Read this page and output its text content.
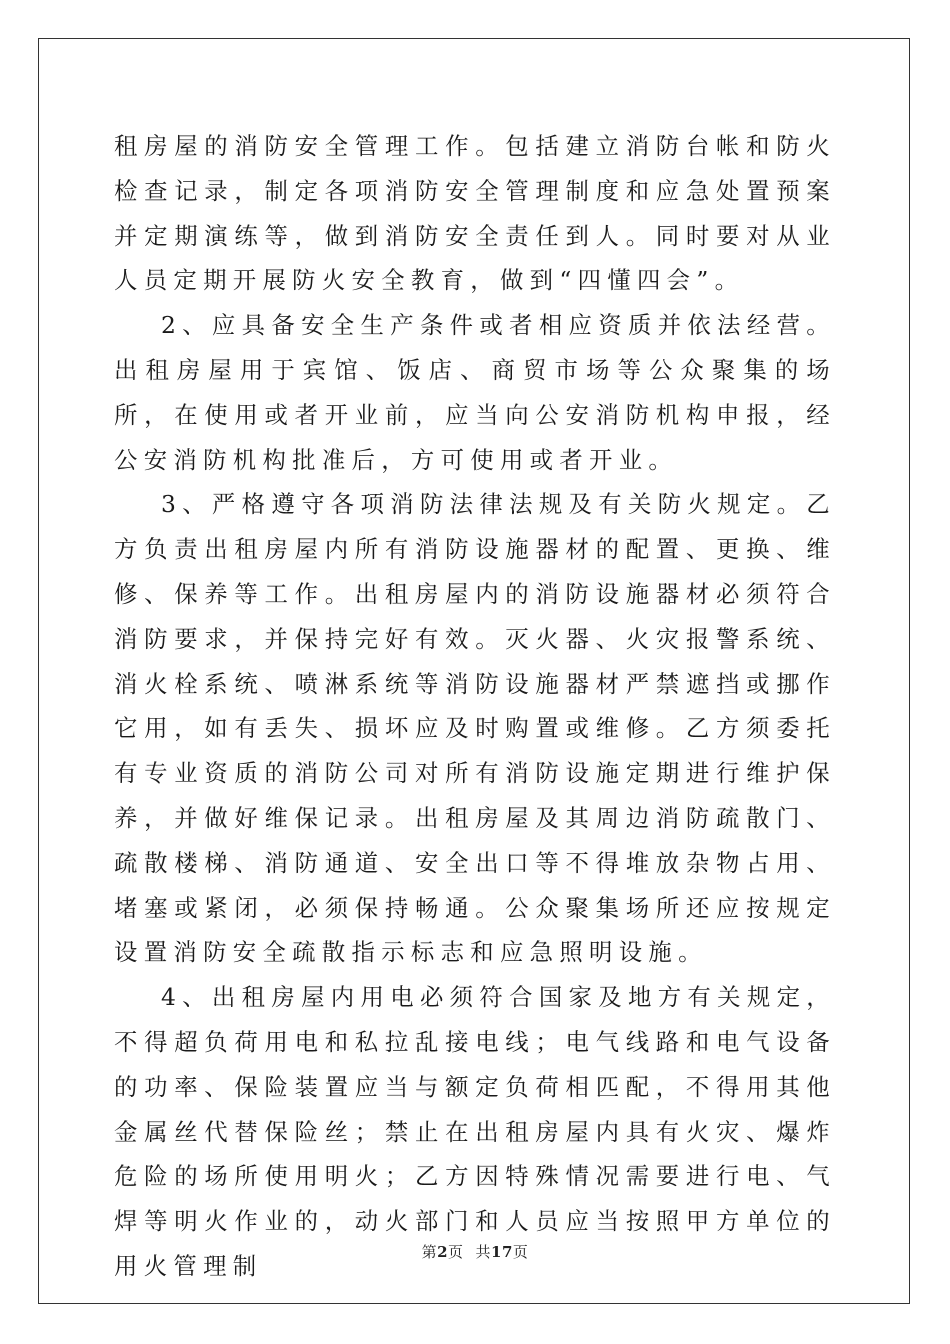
租房屋的消防安全管理工作。包括建立消防台帐和防火检查记录，制定各项消防安全管理制度和应急处置预案并定期演练等，做到消防安全责任到人。同时要对从业人员定期开展防火安全教育，做到“四懂四会”。

2、应具备安全生产条件或者相应资质并依法经营。出租房屋用于宾馆、饭店、商贸市场等公众聚集的场所，在使用或者开业前，应当向公安消防机构申报，经公安消防机构批准后，方可使用或者开业。

3、严格遵守各项消防法律法规及有关防火规定。乙方负责出租房屋内所有消防设施器材的配置、更换、维修、保养等工作。出租房屋内的消防设施器材必须符合消防要求，并保持完好有效。灭火器、火灾报警系统、消火栓系统、喷淋系统等消防设施器材严禁遮挡或挪作它用，如有丢失、损坏应及时购置或维修。乙方须委托有专业资质的消防公司对所有消防设施定期进行维护保养，并做好维保记录。出租房屋及其周边消防疏散门、疏散楼梯、消防通道、安全出口等不得堆放杂物占用、堵塞或紧闭，必须保持畅通。公众聚集场所还应按规定设置消防安全疏散指示标志和应急照明设施。

4、出租房屋内用电必须符合国家及地方有关规定，不得超负荷用电和私拉乱接电线；电气线路和电气设备的功率、保险装置应当与额定负荷相匹配，不得用其他金属丝代替保险丝；禁止在出租房屋内具有火灾、爆炸危险的场所使用明火；乙方因特殊情况需要进行电、气焊等明火作业的，动火部门和人员应当按照甲方单位的用火管理制	第2页 共17页
